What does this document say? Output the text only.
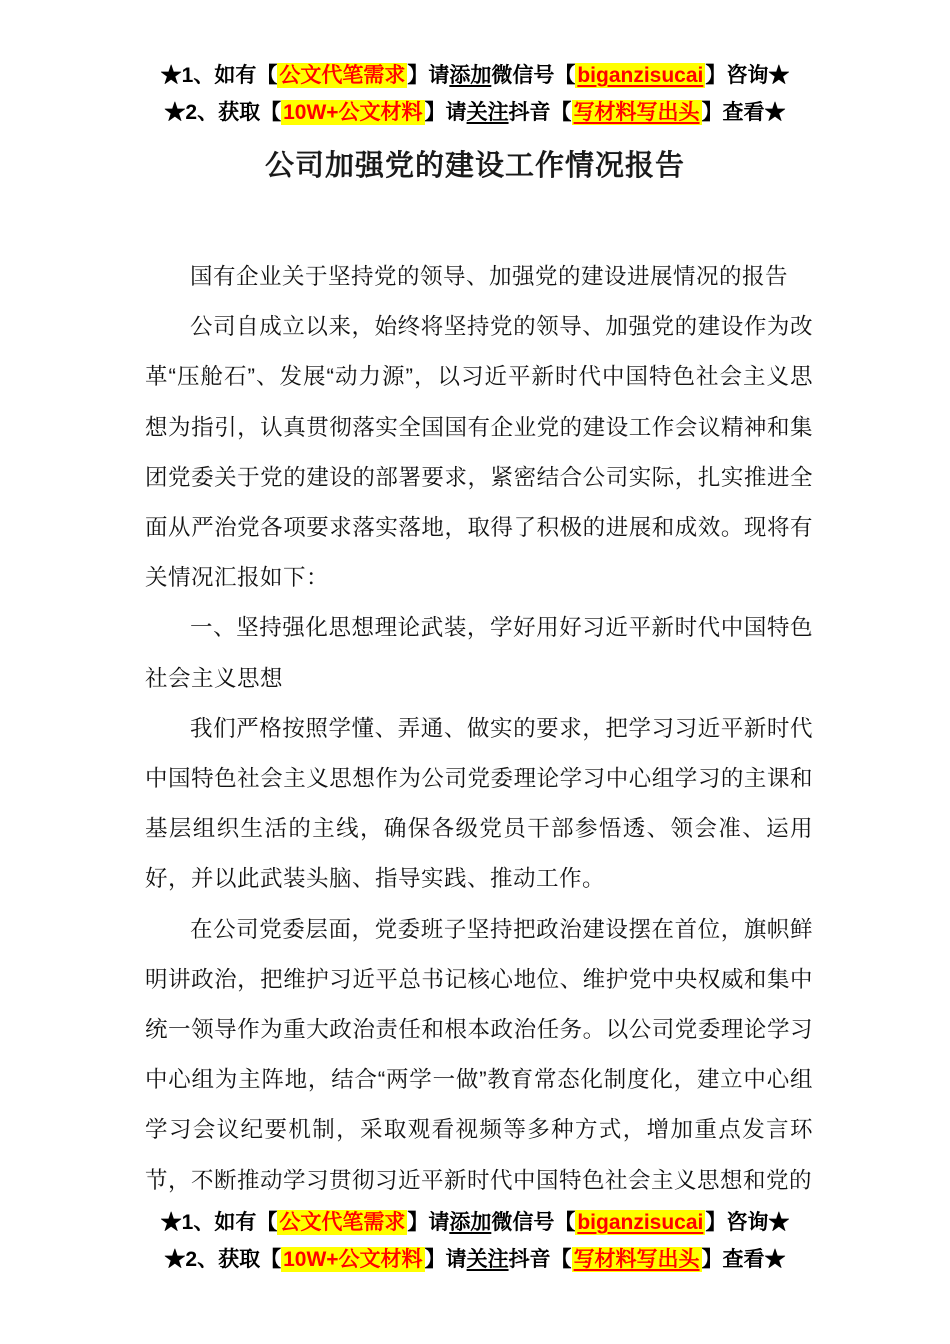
★1、如有【公文代笔需求】请添加微信号【biganzisucai】咨询★
★2、获取【10W+公文材料】请关注抖音【写材料写出头】查看★
公司加强党的建设工作情况报告

国有企业关于坚持党的领导、加强党的建设进展情况的报告

公司自成立以来，始终将坚持党的领导、加强党的建设作为改革“压舱石”、发展“动力源”，以习近平新时代中国特色社会主义思想为指引，认真贯彻落实全国国有企业党的建设工作会议精神和集团党委关于党的建设的部署要求，紧密结合公司实际，扎实推进全面从严治党各项要求落实落地，取得了积极的进展和成效。现将有关情况汇报如下：

一、坚持强化思想理论武装，学好用好习近平新时代中国特色社会主义思想

我们严格按照学懂、弄通、做实的要求，把学习习近平新时代中国特色社会主义思想作为公司党委理论学习中心组学习的主课和基层组织生活的主线，确保各级党员干部参悟透、领会准、运用好，并以此武装头脑、指导实践、推动工作。

在公司党委层面，党委班子坚持把政治建设摆在首位，旗帜鲜明讲政治，把维护习近平总书记核心地位、维护党中央权威和集中统一领导作为重大政治责任和根本政治任务。以公司党委理论学习中心组为主阵地，结合“两学一做”教育常态化制度化，建立中心组学习会议纪要机制，采取观看视频等多种方式，增加重点发言环节，不断推动学习贯彻习近平新时代中国特色社会主义思想和党的

★1、如有【公文代笔需求】请添加微信号【biganzisucai】咨询★
★2、获取【10W+公文材料】请关注抖音【写材料写出头】查看★
